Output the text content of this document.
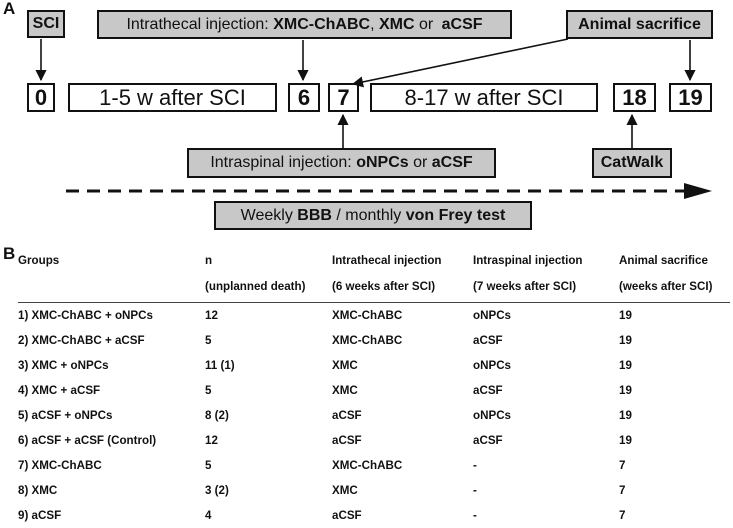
A
SCI	Intrathecal injection: XMC-ChABC , XMC or aCSF	Animal sacrifice
0 1-5 w after SCI 6 7 8-17 w after SCI	18 19
Intraspinal injection: oNPCs or aCSF	CatWalk
Weekly BBB / monthly von Frey test
B Groups	n	Intrathecal injection	Intraspinal injection	Animal sacrifice
	(unplanned death)	(6 weeks after SCI)	(7 weeks after SCI)	(weeks after SCI)

1) XMC-ChABC + oNPCs	12	XMC-ChABC	oNPCs	19
2) XMC-ChABC + aCSF	5	XMC-ChABC	aCSF	19
3) XMC + oNPCs	11 (1)	XMC	oNPCs	19
4) XMC + aCSF	5	XMC	aCSF	19
5) aCSF + oNPCs	8 (2)	aCSF	oNPCs	19
6) aCSF + aCSF (Control)	12	aCSF	aCSF	19
7) XMC-ChABC	5	XMC-ChABC	-	7
8) XMC	3 (2)	XMC	-	7
9) aCSF	4	aCSF	-	7
